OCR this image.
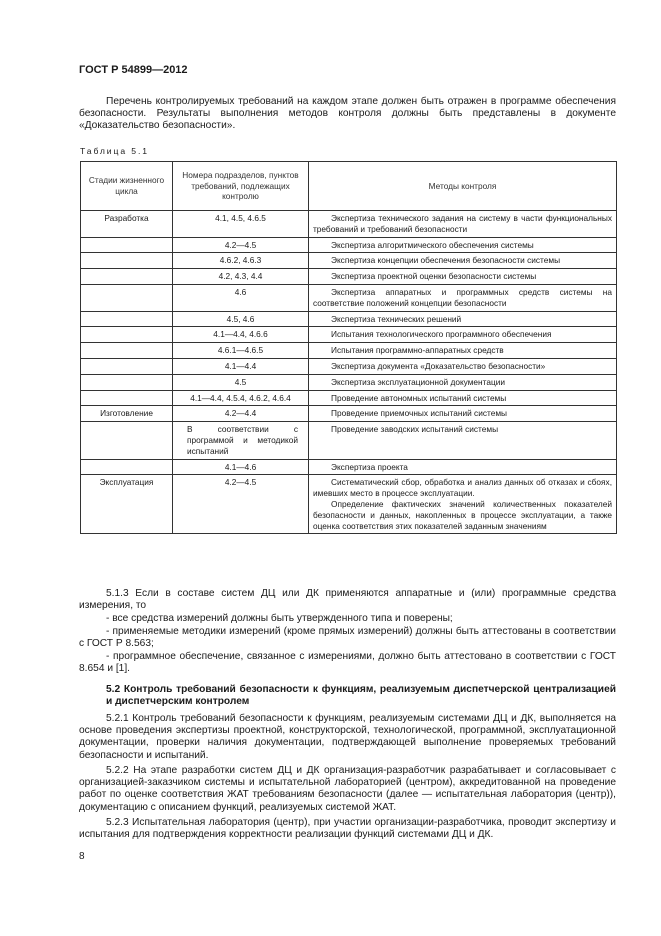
ГОСТ Р 54899—2012

Перечень контролируемых требований на каждом этапе должен быть отражен в программе обеспечения безопасности. Результаты выполнения методов контроля должны быть представлены в документе «Доказательство безопасности».

Таблица 5.1
Стадии жизненного цикла	Номера подразделов, пунктов требований, подлежащих контролю	Методы контроля
Разработка	4.1, 4.5, 4.6.5	Экспертиза технического задания на систему в части функциональных требований и требований безопасности
	4.2—4.5	Экспертиза алгоритмического обеспечения системы
	4.6.2, 4.6.3	Экспертиза концепции обеспечения безопасности системы
	4.2, 4.3, 4.4	Экспертиза проектной оценки безопасности системы
	4.6	Экспертиза аппаратных и программных средств системы на соответствие положений концепции безопасности
	4.5, 4.6	Экспертиза технических решений
	4.1—4.4, 4.6.6	Испытания технологического программного обеспечения
	4.6.1—4.6.5	Испытания программно-аппаратных средств
	4.1—4.4	Экспертиза документа «Доказательство безопасности»
	4.5	Экспертиза эксплуатационной документации
	4.1—4.4, 4.5.4, 4.6.2, 4.6.4	Проведение автономных испытаний системы
Изготовление	4.2—4.4	Проведение приемочных испытаний системы
	В соответствии с программой и методикой испытаний	Проведение заводских испытаний системы
	4.1—4.6	Экспертиза проекта
Эксплуатация	4.2—4.5	Систематический сбор, обработка и анализ данных об отказах и сбоях, имевших место в процессе эксплуатации.
Определение фактических значений количественных показателей безопасности и данных, накопленных в процессе эксплуатации, а также оценка соответствия этих показателей заданным значениям

5.1.3 Если в составе систем ДЦ или ДК применяются аппаратные и (или) программные средства измерения, то

- все средства измерений должны быть утвержденного типа и поверены;

- применяемые методики измерений (кроме прямых измерений) должны быть аттестованы в соответствии с ГОСТ Р 8.563;

- программное обеспечение, связанное с измерениями, должно быть аттестовано в соответствии с ГОСТ 8.654 и [1].

5.2 Контроль требований безопасности к функциям, реализуемым диспетчерской централизацией и диспетчерским контролем

5.2.1 Контроль требований безопасности к функциям, реализуемым системами ДЦ и ДК, выполняется на основе проведения экспертизы проектной, конструкторской, технологической, программной, эксплуатационной документации, проверки наличия документации, подтверждающей выполнение проверяемых требований безопасности и испытаний.

5.2.2 На этапе разработки систем ДЦ и ДК организация-разработчик разрабатывает и согласовывает с организацией-заказчиком системы и испытательной лабораторией (центром), аккредитованной на проведение работ по оценке соответствия ЖАТ требованиям безопасности (далее — испытательная лаборатория (центр)), документацию с описанием функций, реализуемых системой ЖАТ.

5.2.3 Испытательная лаборатория (центр), при участии организации-разработчика, проводит экспертизу и испытания для подтверждения корректности реализации функций системами ДЦ и ДК.

8
